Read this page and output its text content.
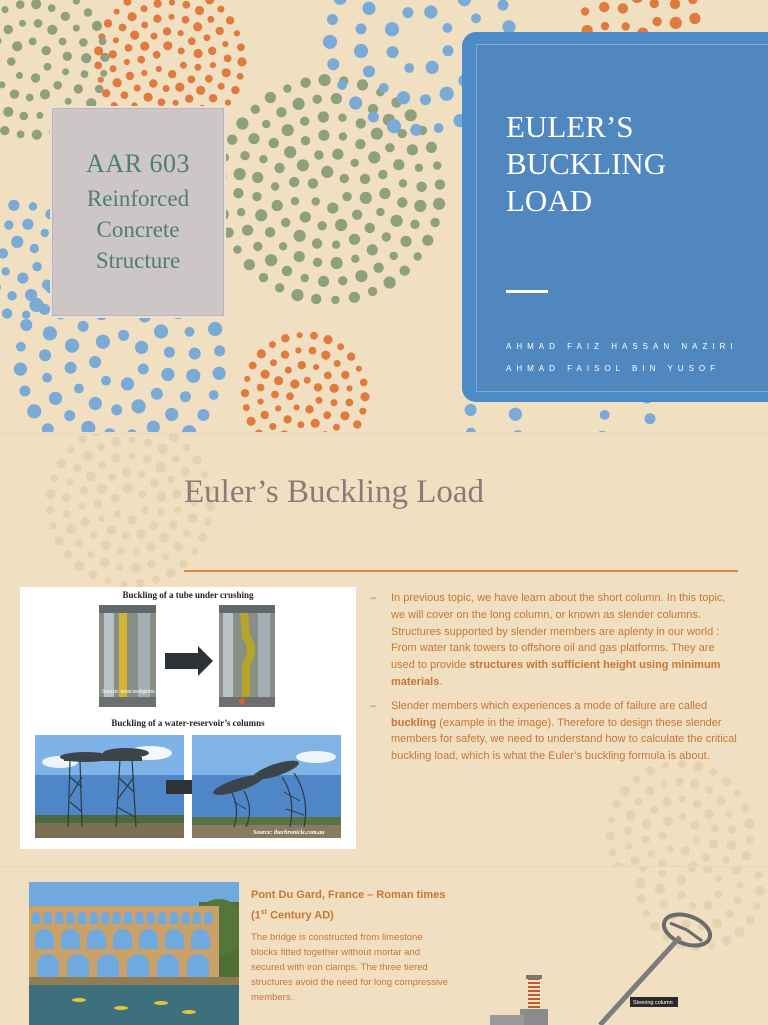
AAR 603
Reinforced
Concrete
Structure
EULER’S
BUCKLING
LOAD
AHMAD FAIZ HASSAN NAZIRI
AHMAD FAISOL BIN YUSOF
Euler’s Buckling Load
Buckling of a tube under crushing
Source: www.ivvdiglobe.com
Source: thechronicle.com.au
Buckling of a water-reservoir’s columns
– In previous topic, we have learn about the short column. In this topic, we will cover on the long column, or known as slender columns. Structures supported by slender members are aplenty in our world : From water tank towers to offshore oil and gas platforms. They are used to provide structures with sufficient height using minimum materials.
– Slender members which experiences a mode of failure are called buckling (example in the image). Therefore to design these slender members for safety, we need to understand how to calculate the critical buckling load, which is what the Euler’s buckling formula is about.
Pont Du Gard, France – Roman times
(1st Century AD)
The bridge is constructed from limestone blocks fitted together without mortar and secured with iron clamps. The three tiered structures avoid the need for long compressive members.	Steering column
